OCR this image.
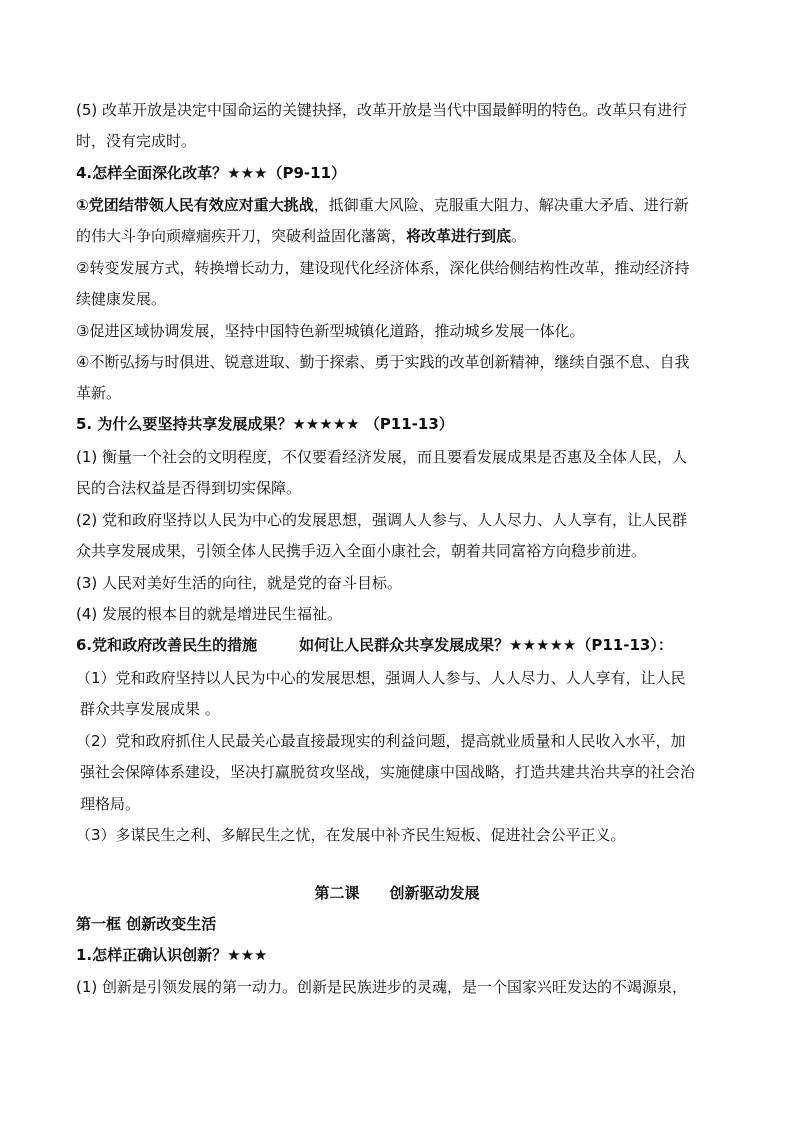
(5) 改革开放是决定中国命运的关键抉择，改革开放是当代中国最鲜明的特色。改革只有进行
时，没有完成时。
4.怎样全面深化改革？★★★（P9-11）
①党团结带领人民有效应对重大挑战，抵御重大风险、克服重大阻力、解决重大矛盾、进行新
的伟大斗争向顽瘴痼疾开刀，突破利益固化藩篱，将改革进行到底。
②转变发展方式，转换增长动力，建设现代化经济体系，深化供给侧结构性改革，推动经济持
续健康发展。
③促进区域协调发展，坚持中国特色新型城镇化道路，推动城乡发展一体化。
④不断弘扬与时俱进、锐意进取、勤于探索、勇于实践的改革创新精神，继续自强不息、自我
革新。
5. 为什么要坚持共享发展成果？★★★★★ （P11-13）
(1) 衡量一个社会的文明程度，不仅要看经济发展，而且要看发展成果是否惠及全体人民，人
民的合法权益是否得到切实保障。
(2) 党和政府坚持以人民为中心的发展思想，强调人人参与、人人尽力、人人享有，让人民群
众共享发展成果，引领全体人民携手迈入全面小康社会，朝着共同富裕方向稳步前进。
(3) 人民对美好生活的向往，就是党的奋斗目标。
(4) 发展的根本目的就是增进民生福祉。
6.党和政府改善民生的措施	如何让人民群众共享发展成果？★★★★★（P11-13）：
（1）党和政府坚持以人民为中心的发展思想，强调人人参与、人人尽力、人人享有，让人民
群众共享发展成果 。
（2）党和政府抓住人民最关心最直接最现实的利益问题，提高就业质量和人民收入水平，加
强社会保障体系建设，坚决打赢脱贫攻坚战，实施健康中国战略，打造共建共治共享的社会治
理格局。
（3）多谋民生之利、多解民生之忧，在发展中补齐民生短板、促进社会公平正义。
第二课 创新驱动发展
第一框 创新改变生活
1.怎样正确认识创新？★★★
(1) 创新是引领发展的第一动力。创新是民族进步的灵魂，是一个国家兴旺发达的不竭源泉，
